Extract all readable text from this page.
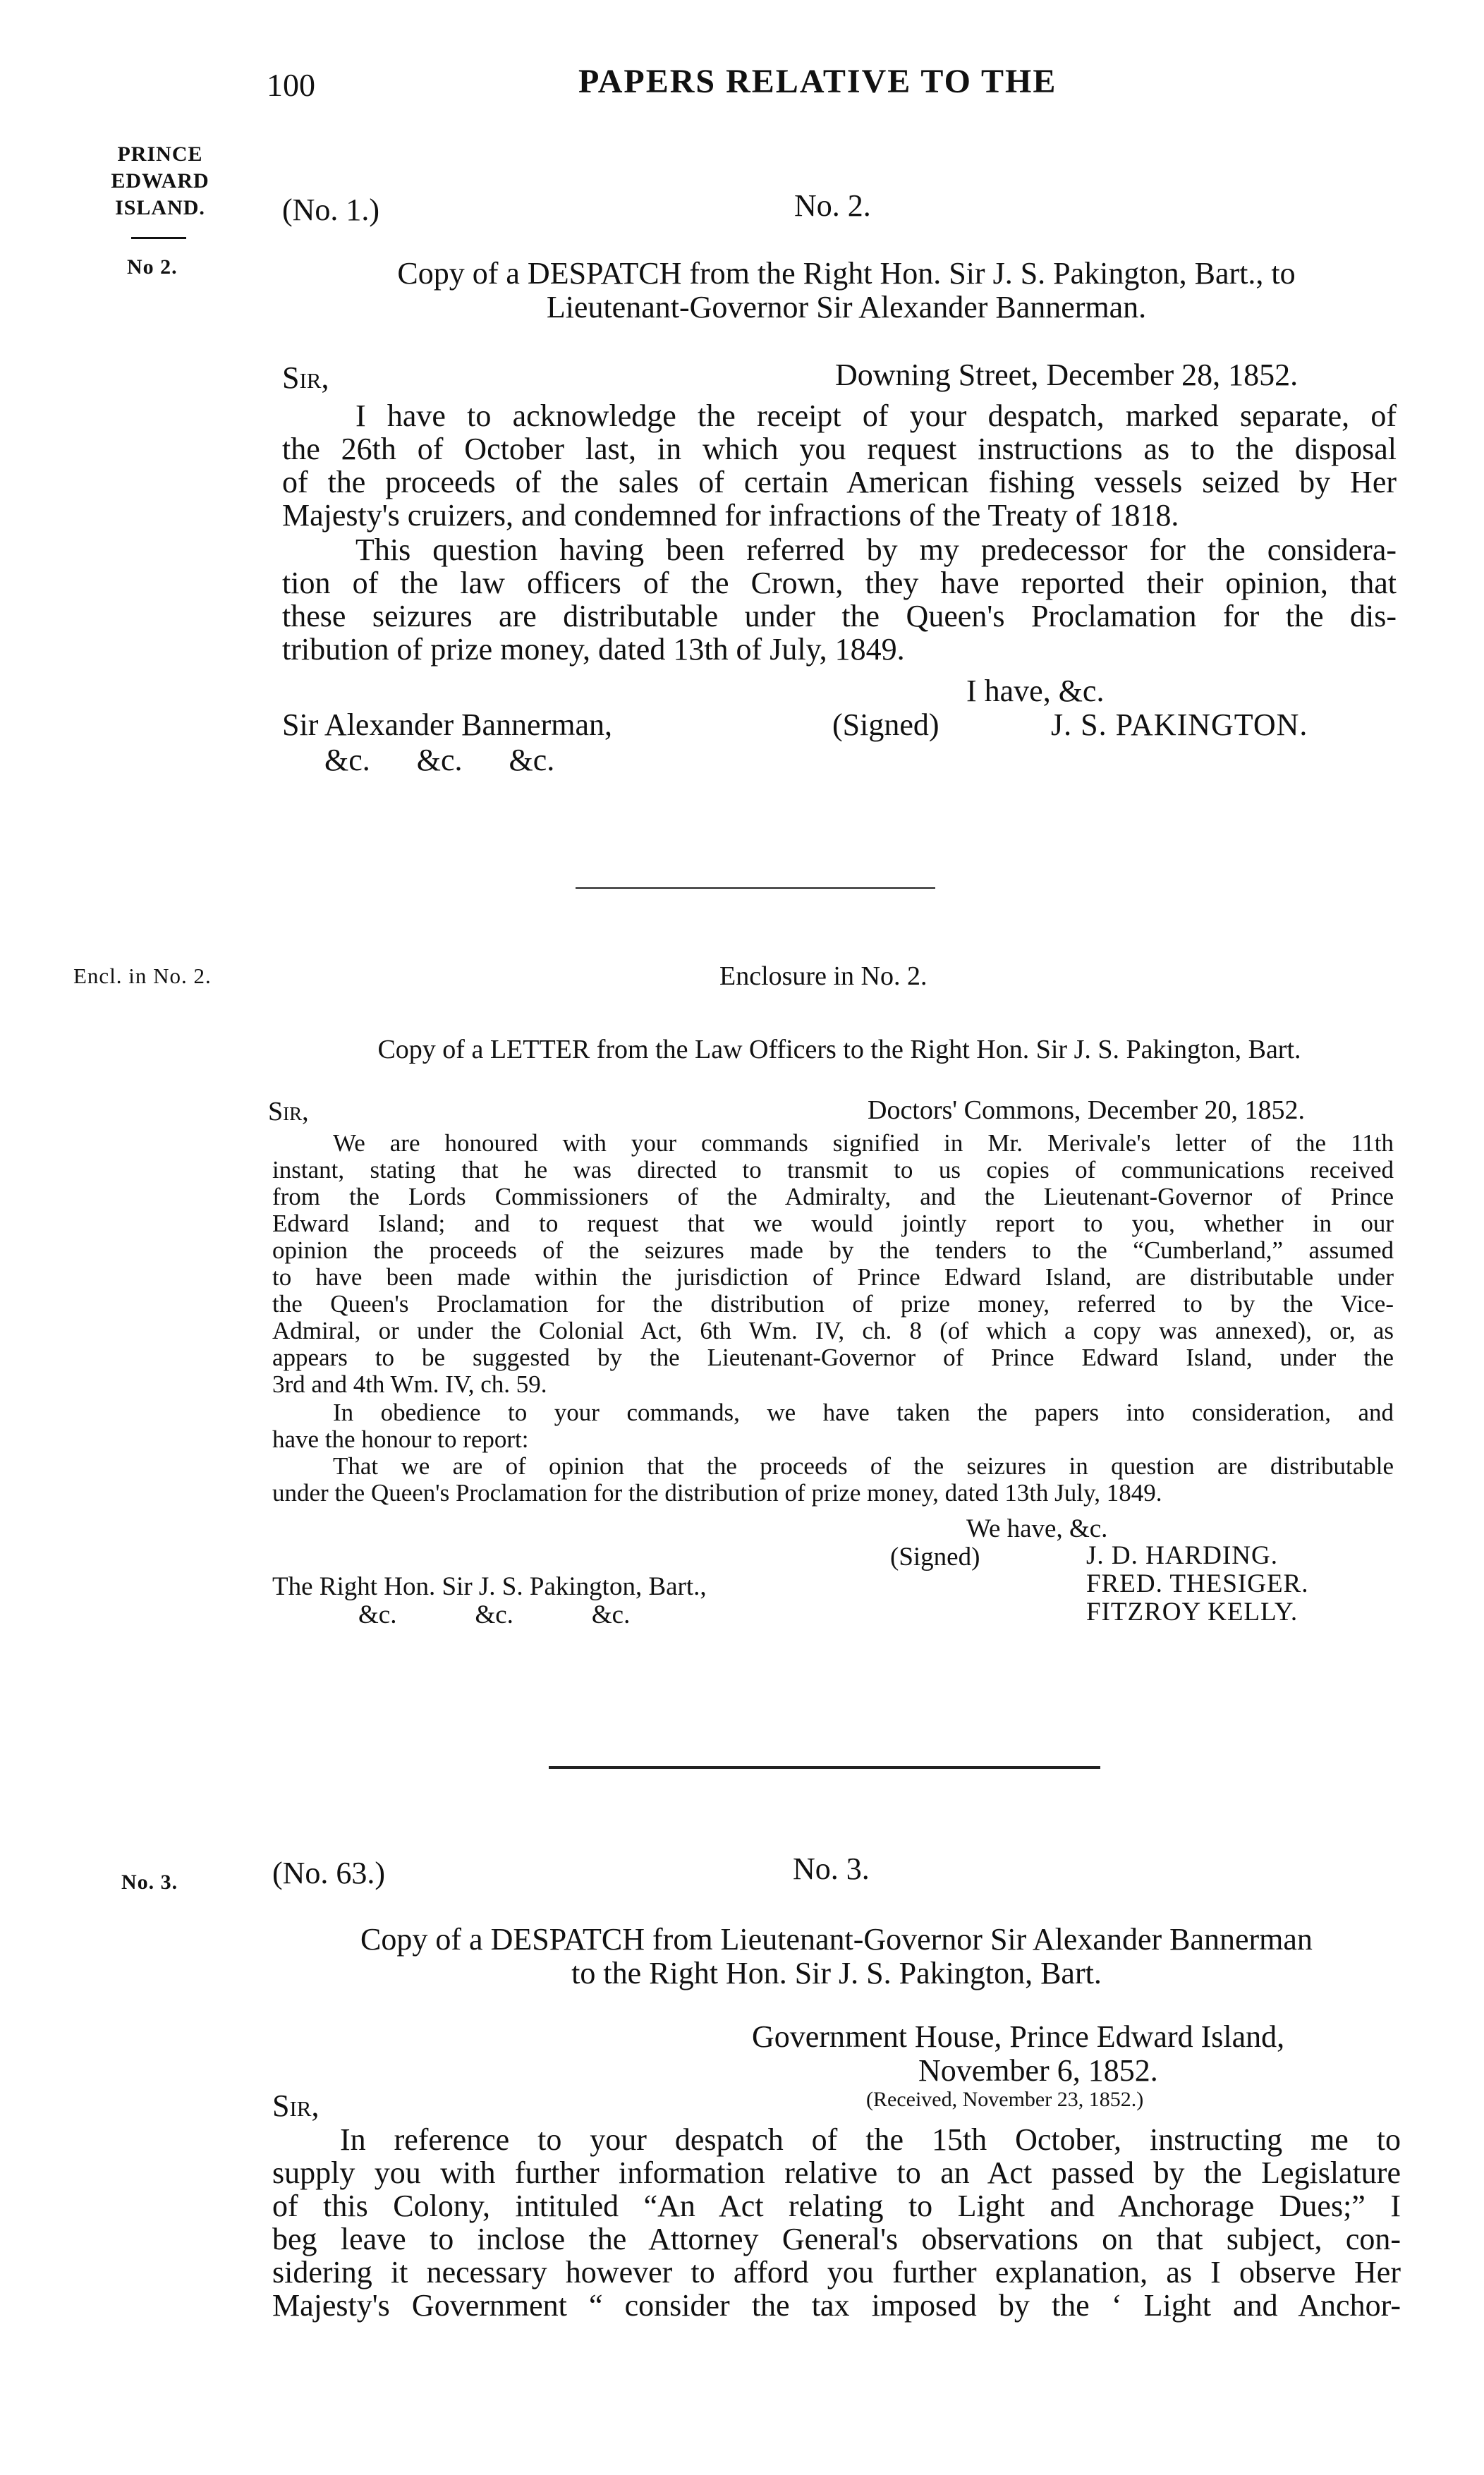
100	PAPERS RELATIVE TO THE
PRINCE
EDWARD
ISLAND.
No 2.
Encl. in No. 2.
No. 3.
(No. 1.)	No. 2.
Copy of a DESPATCH from the Right Hon. Sir J. S. Pakington, Bart., to
Lieutenant-Governor Sir Alexander Bannerman.
Sir,	Downing Street, December 28, 1852.
I have to acknowledge the receipt of your despatch, marked separate, of
the 26th of October last, in which you request instructions as to the disposal
of the proceeds of the sales of certain American fishing vessels seized by Her
Majesty's cruizers, and condemned for infractions of the Treaty of 1818.
This question having been referred by my predecessor for the considera-
tion of the law officers of the Crown, they have reported their opinion, that
these seizures are distributable under the Queen's Proclamation for the dis-
tribution of prize money, dated 13th of July, 1849.
I have, &c.
Sir Alexander Bannerman,	(Signed)	J. S. PAKINGTON.
&c.      &c.      &c.
Enclosure in No. 2.
Copy of a LETTER from the Law Officers to the Right Hon. Sir J. S. Pakington, Bart.
Sir,	Doctors' Commons, December 20, 1852.
We are honoured with your commands signified in Mr. Merivale's letter of the 11th
instant, stating that he was directed to transmit to us copies of communications received
from the Lords Commissioners of the Admiralty, and the Lieutenant-Governor of Prince
Edward Island; and to request that we would jointly report to you, whether in our
opinion the proceeds of the seizures made by the tenders to the “Cumberland,” assumed
to have been made within the jurisdiction of Prince Edward Island, are distributable under
the Queen's Proclamation for the distribution of prize money, referred to by the Vice-
Admiral, or under the Colonial Act, 6th Wm. IV, ch. 8 (of which a copy was annexed), or, as
appears to be suggested by the Lieutenant-Governor of Prince Edward Island, under the
3rd and 4th Wm. IV, ch. 59.
In obedience to your commands, we have taken the papers into consideration, and
have the honour to report:
That we are of opinion that the proceeds of the seizures in question are distributable
under the Queen's Proclamation for the distribution of prize money, dated 13th July, 1849.
We have, &c.
(Signed)	J. D. HARDING.
FRED. THESIGER.
FITZROY KELLY.
The Right Hon. Sir J. S. Pakington, Bart.,
&c.            &c.            &c.
(No. 63.)	No. 3.
Copy of a DESPATCH from Lieutenant-Governor Sir Alexander Bannerman
to the Right Hon. Sir J. S. Pakington, Bart.
Government House, Prince Edward Island,
November 6, 1852.
(Received, November 23, 1852.)
Sir,
In reference to your despatch of the 15th October, instructing me to
supply you with further information relative to an Act passed by the Legislature
of this Colony, intituled “An Act relating to Light and Anchorage Dues;” I
beg leave to inclose the Attorney General's observations on that subject, con-
sidering it necessary however to afford you further explanation, as I observe Her
Majesty's Government “ consider the tax imposed by the ‘ Light and Anchor-
